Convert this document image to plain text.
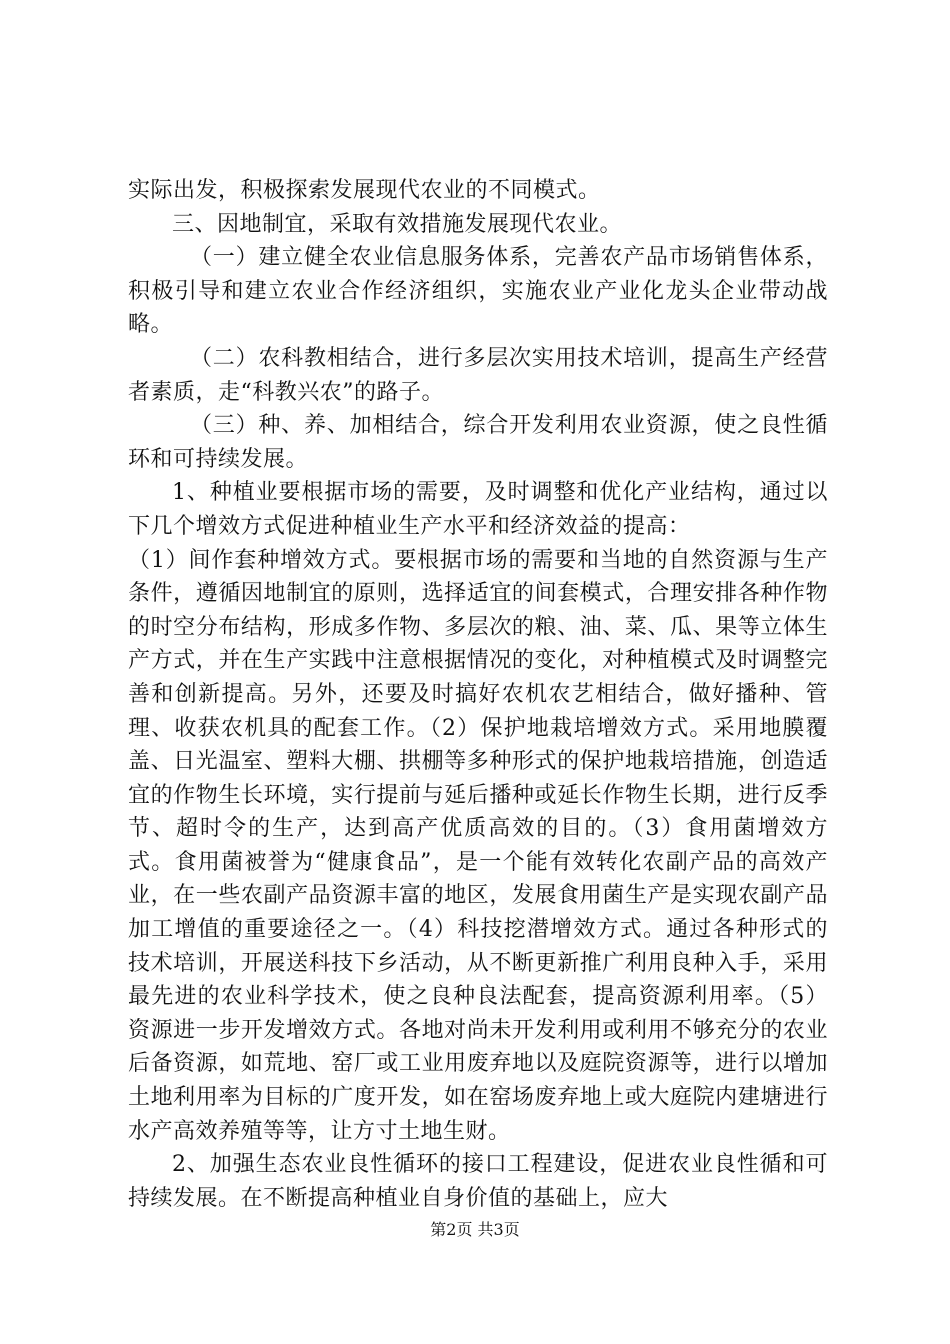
实际出发，积极探索发展现代农业的不同模式。

三、因地制宜，采取有效措施发展现代农业。

（一）建立健全农业信息服务体系，完善农产品市场销售体系，积极引导和建立农业合作经济组织，实施农业产业化龙头企业带动战略。

（二）农科教相结合，进行多层次实用技术培训，提高生产经营者素质，走“科教兴农”的路子。

（三）种、养、加相结合，综合开发利用农业资源，使之良性循环和可持续发展。

1、种植业要根据市场的需要，及时调整和优化产业结构，通过以下几个增效方式促进种植业生产水平和经济效益的提高：

（1）间作套种增效方式。要根据市场的需要和当地的自然资源与生产条件，遵循因地制宜的原则，选择适宜的间套模式，合理安排各种作物的时空分布结构，形成多作物、多层次的粮、油、菜、瓜、果等立体生产方式，并在生产实践中注意根据情况的变化，对种植模式及时调整完善和创新提高。另外，还要及时搞好农机农艺相结合，做好播种、管理、收获农机具的配套工作。（2）保护地栽培增效方式。采用地膜覆盖、日光温室、塑料大棚、拱棚等多种形式的保护地栽培措施，创造适宜的作物生长环境，实行提前与延后播种或延长作物生长期，进行反季节、超时令的生产，达到高产优质高效的目的。（3）食用菌增效方式。食用菌被誉为“健康食品”，是一个能有效转化农副产品的高效产业，在一些农副产品资源丰富的地区，发展食用菌生产是实现农副产品加工增值的重要途径之一。（4）科技挖潜增效方式。通过各种形式的技术培训，开展送科技下乡活动，从不断更新推广利用良种入手，采用最先进的农业科学技术，使之良种良法配套，提高资源利用率。（5）资源进一步开发增效方式。各地对尚未开发利用或利用不够充分的农业后备资源，如荒地、窑厂或工业用废弃地以及庭院资源等，进行以增加土地利用率为目标的广度开发，如在窑场废弃地上或大庭院内建塘进行水产高效养殖等等，让方寸土地生财。

2、加强生态农业良性循环的接口工程建设，促进农业良性循和可持续发展。在不断提高种植业自身价值的基础上，应大

第2页 共3页
